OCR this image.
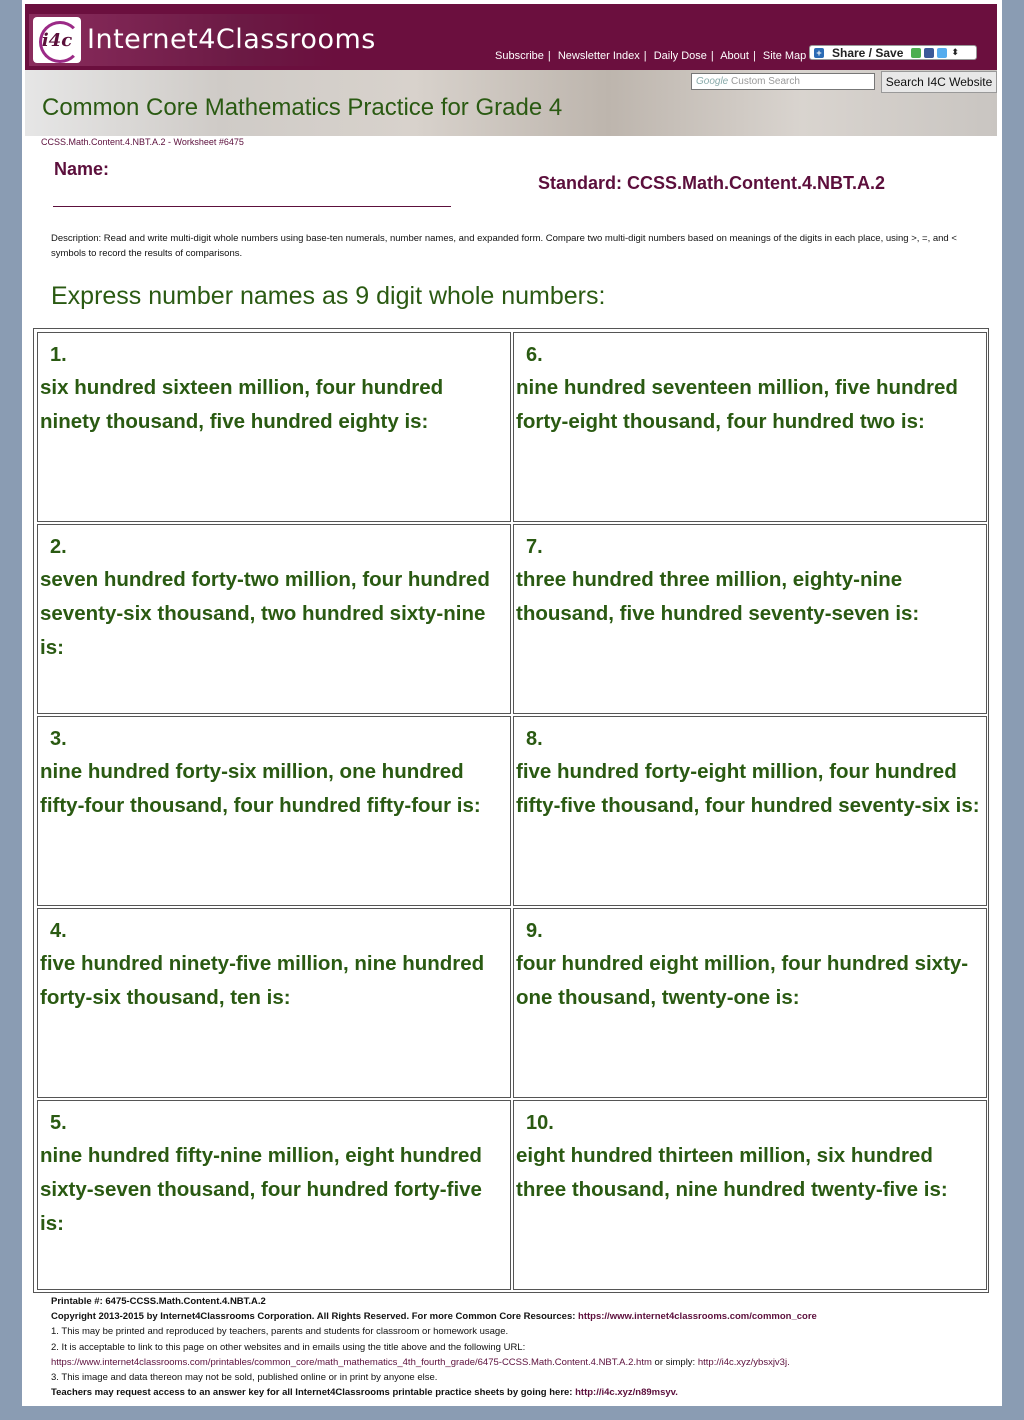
i4c Internet4Classrooms
Subscribe | Newsletter Index | Daily Dose | About | Site Map + Share / Save	⬍
Google Custom Search	Search I4C Website
Common Core Mathematics Practice for Grade 4
CCSS.Math.Content.4.NBT.A.2 - Worksheet #6475
Name:
Standard: CCSS.Math.Content.4.NBT.A.2
Description: Read and write multi-digit whole numbers using base-ten numerals, number names, and expanded form. Compare two multi-digit numbers based on meanings of the digits in each place, using >, =, and < symbols to record the results of comparisons.
Express number names as 9 digit whole numbers:
1.
six hundred sixteen million, four hundred ninety thousand, five hundred eighty is:
2.
seven hundred forty-two million, four hundred seventy-six thousand, two hundred sixty-nine is:
3.
nine hundred forty-six million, one hundred fifty-four thousand, four hundred fifty-four is:
4.
five hundred ninety-five million, nine hundred forty-six thousand, ten is:
5.
nine hundred fifty-nine million, eight hundred sixty-seven thousand, four hundred forty-five is:
6.
nine hundred seventeen million, five hundred forty-eight thousand, four hundred two is:
7.
three hundred three million, eighty-nine thousand, five hundred seventy-seven is:
8.
five hundred forty-eight million, four hundred fifty-five thousand, four hundred seventy-six is:
9.
four hundred eight million, four hundred sixty-one thousand, twenty-one is:
10.
eight hundred thirteen million, six hundred three thousand, nine hundred twenty-five is:
Printable #: 6475-CCSS.Math.Content.4.NBT.A.2
Copyright 2013-2015 by Internet4Classrooms Corporation. All Rights Reserved. For more Common Core Resources: https://www.internet4classrooms.com/common_core
1. This may be printed and reproduced by teachers, parents and students for classroom or homework usage.
2. It is acceptable to link to this page on other websites and in emails using the title above and the following URL:
https://www.internet4classrooms.com/printables/common_core/math_mathematics_4th_fourth_grade/6475-CCSS.Math.Content.4.NBT.A.2.htm or simply: http://i4c.xyz/ybsxjv3j.
3. This image and data thereon may not be sold, published online or in print by anyone else.
Teachers may request access to an answer key for all Internet4Classrooms printable practice sheets by going here: http://i4c.xyz/n89msyv.
